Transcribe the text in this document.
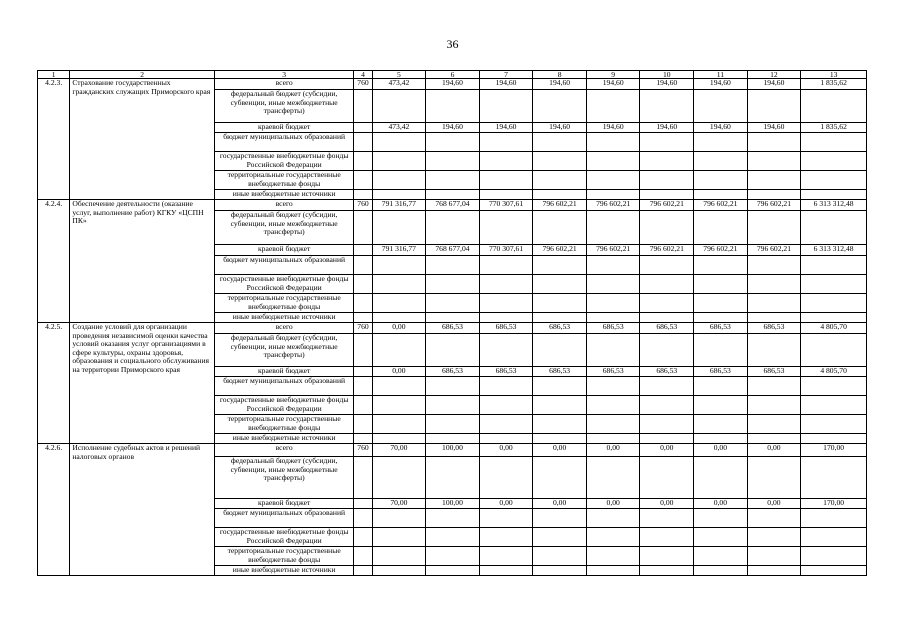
36
1	2	3	4	5	6	7	8	9	10	11	12	13
4.2.3.	Страхование государственных гражданских служащих Приморского края	всего	760	473,42	194,60	194,60	194,60	194,60	194,60	194,60	194,60	1 835,62
		федеральный бюджет (субсидии, субвенции, иные межбюджетные трансферты)										
		краевой бюджет		473,42	194,60	194,60	194,60	194,60	194,60	194,60	194,60	1 835,62
		бюджет муниципальных образований										
		государственные внебюджетные фонды Российской Федерации										
		территориальные государственные внебюджетные фонды										
		иные внебюджетные источники										
4.2.4.	Обеспечение деятельности (оказание услуг, выполнение работ) КГКУ «ЦСПН ПК»	всего	760	791 316,77	768 677,04	770 307,61	796 602,21	796 602,21	796 602,21	796 602,21	796 602,21	6 313 312,48
		федеральный бюджет (субсидии, субвенции, иные межбюджетные трансферты)										
		краевой бюджет		791 316,77	768 677,04	770 307,61	796 602,21	796 602,21	796 602,21	796 602,21	796 602,21	6 313 312,48
		бюджет муниципальных образований										
		государственные внебюджетные фонды Российской Федерации										
		территориальные государственные внебюджетные фонды										
		иные внебюджетные источники										
4.2.5.	Создание условий для организации проведения независимой оценки качества условий оказания услуг организациями в сфере культуры, охраны здоровья, образования и социального обслуживания на территории Приморского края	всего	760	0,00	686,53	686,53	686,53	686,53	686,53	686,53	686,53	4 805,70
		федеральный бюджет (субсидии, субвенции, иные межбюджетные трансферты)										
		краевой бюджет		0,00	686,53	686,53	686,53	686,53	686,53	686,53	686,53	4 805,70
		бюджет муниципальных образований										
		государственные внебюджетные фонды Российской Федерации										
		территориальные государственные внебюджетные фонды										
		иные внебюджетные источники										
4.2.6.	Исполнение судебных актов и решений налоговых органов	всего	760	70,00	100,00	0,00	0,00	0,00	0,00	0,00	0,00	170,00
		федеральный бюджет (субсидии, субвенции, иные межбюджетные трансферты)										
		краевой бюджет		70,00	100,00	0,00	0,00	0,00	0,00	0,00	0,00	170,00
		бюджет муниципальных образований										
		государственные внебюджетные фонды Российской Федерации										
		территориальные государственные внебюджетные фонды										
		иные внебюджетные источники										
